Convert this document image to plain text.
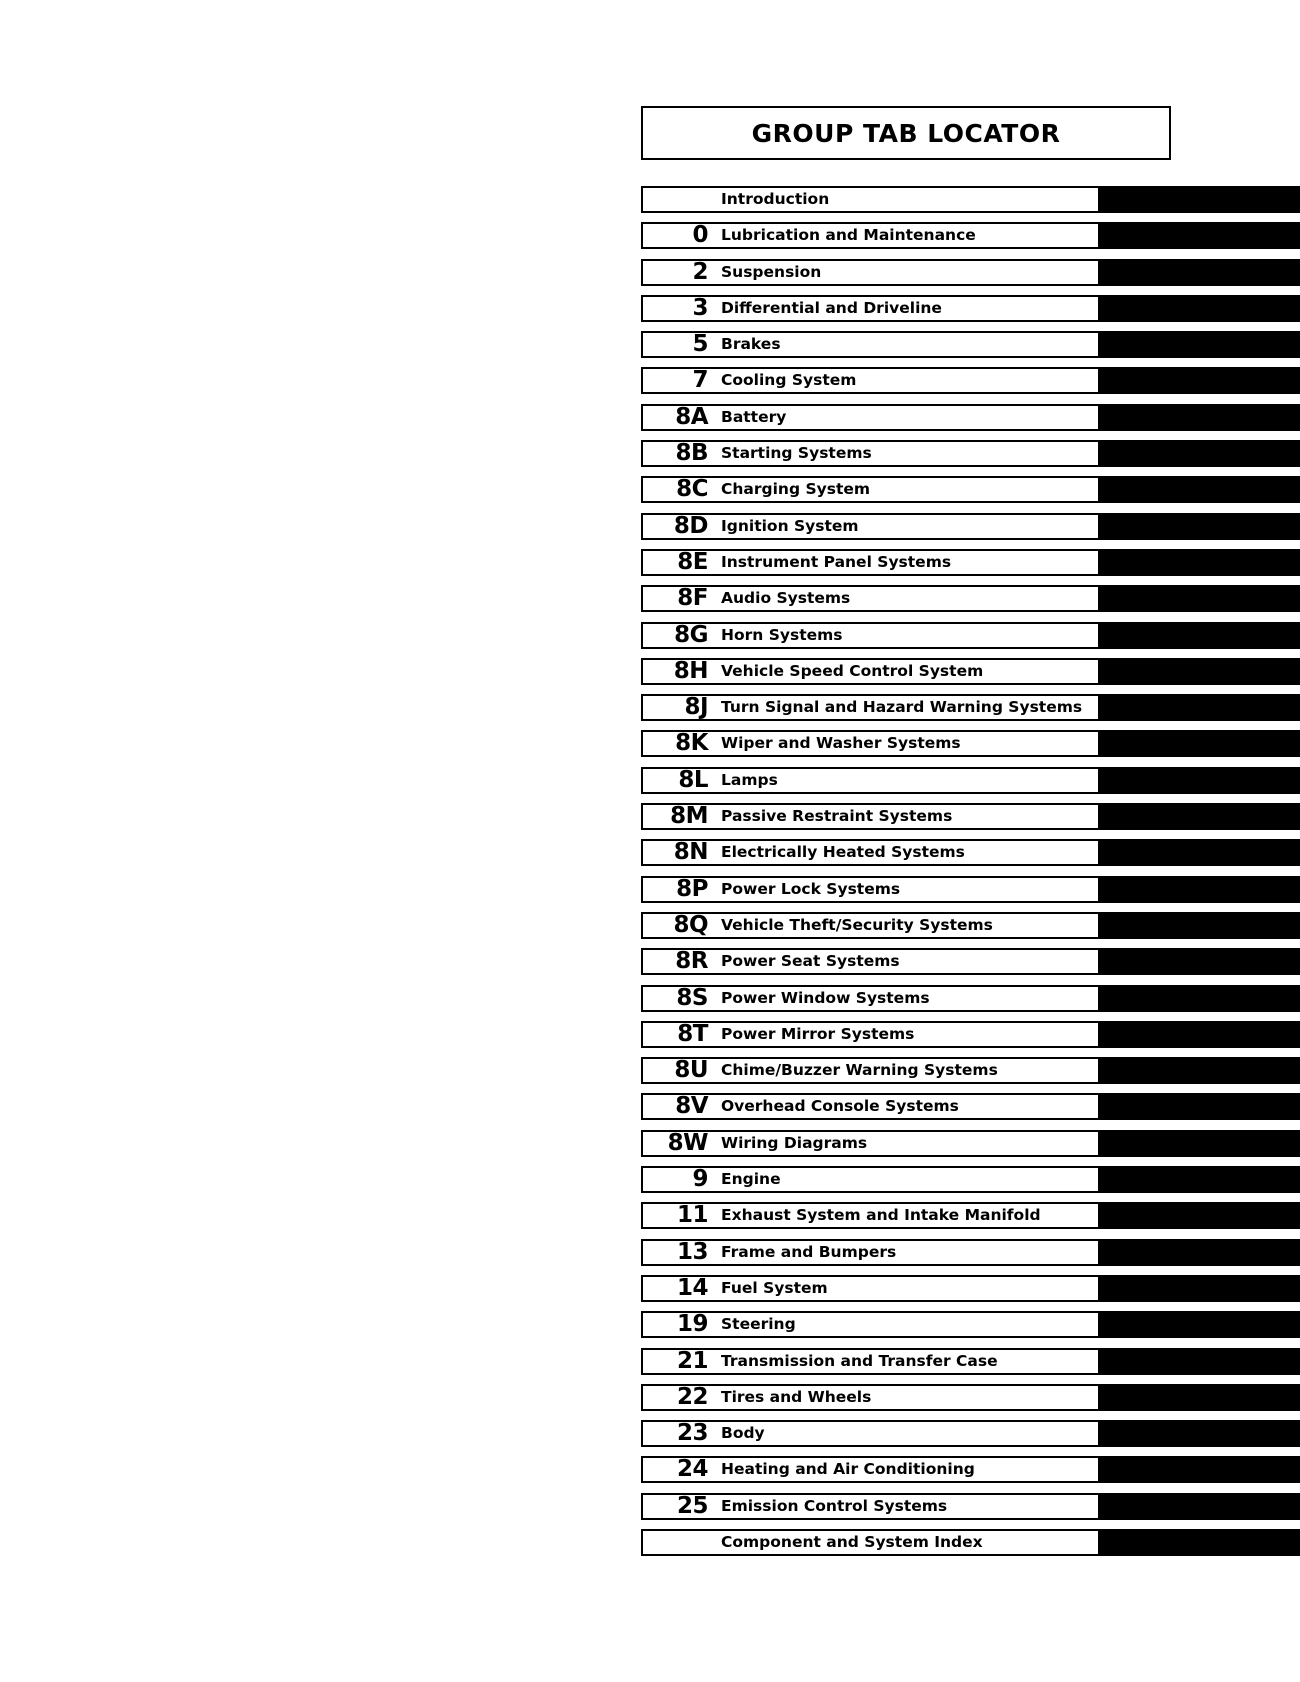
GROUP TAB LOCATOR
Introduction
0 Lubrication and Maintenance
2 Suspension
3 Differential and Driveline
5 Brakes
7 Cooling System
8A Battery
8B Starting Systems
8C Charging System
8D Ignition System
8E Instrument Panel Systems
8F Audio Systems
8G Horn Systems
8H Vehicle Speed Control System
8J Turn Signal and Hazard Warning Systems
8K Wiper and Washer Systems
8L Lamps
8M Passive Restraint Systems
8N Electrically Heated Systems
8P Power Lock Systems
8Q Vehicle Theft/Security Systems
8R Power Seat Systems
8S Power Window Systems
8T Power Mirror Systems
8U Chime/Buzzer Warning Systems
8V Overhead Console Systems
8W Wiring Diagrams
9 Engine
11 Exhaust System and Intake Manifold
13 Frame and Bumpers
14 Fuel System
19 Steering
21 Transmission and Transfer Case
22 Tires and Wheels
23 Body
24 Heating and Air Conditioning
25 Emission Control Systems
Component and System Index
